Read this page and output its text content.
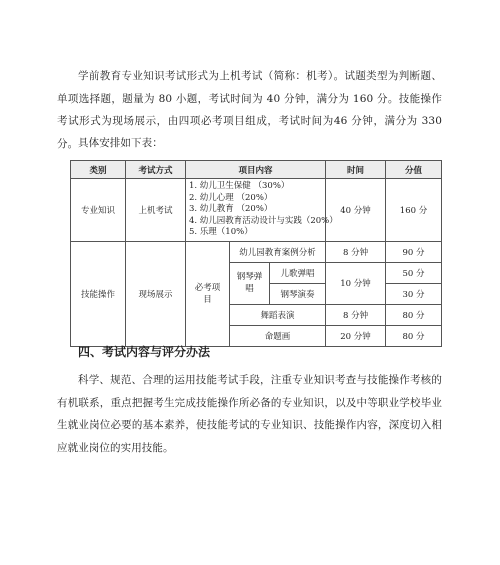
学前教育专业知识考试形式为上机考试（简称：机考）。试题类型为判断题、单项选择题，题量为 80 小题，考试时间为 40 分钟，满分为 160 分。技能操作考试形式为现场展示，由四项必考项目组成，考试时间为46 分钟，满分为 330 分。 具体安排如下表：

类别	考试方式	项目内容			时间	分值
专业知识	上机考试	1. 幼儿卫生保健 （30%）
2. 幼儿心理 （20%）
3. 幼儿教育 （20%）
4. 幼儿园教育活动设计与实践（20%）
5. 乐理（10%）			40 分钟	160 分
技能操作	现场展示	必考项目	幼儿园教育案例分析		8 分钟	90 分
			钢琴弹唱	儿歌弹唱	10 分钟	50 分
				钢琴演奏		30 分
			舞蹈表演		8 分钟	80 分
			命题画		20 分钟	80 分
四、考试内容与评分办法

科学、规范、合理的运用技能考试手段，注重专业知识考查与技能操作考核的有机联系，重点把握考生完成技能操作所必备的专业知识，以及中等职业学校毕业生就业岗位必要的基本素养，使技能考试的专业知识、技能操作内容，深度切入相应就业岗位的实用技能。
